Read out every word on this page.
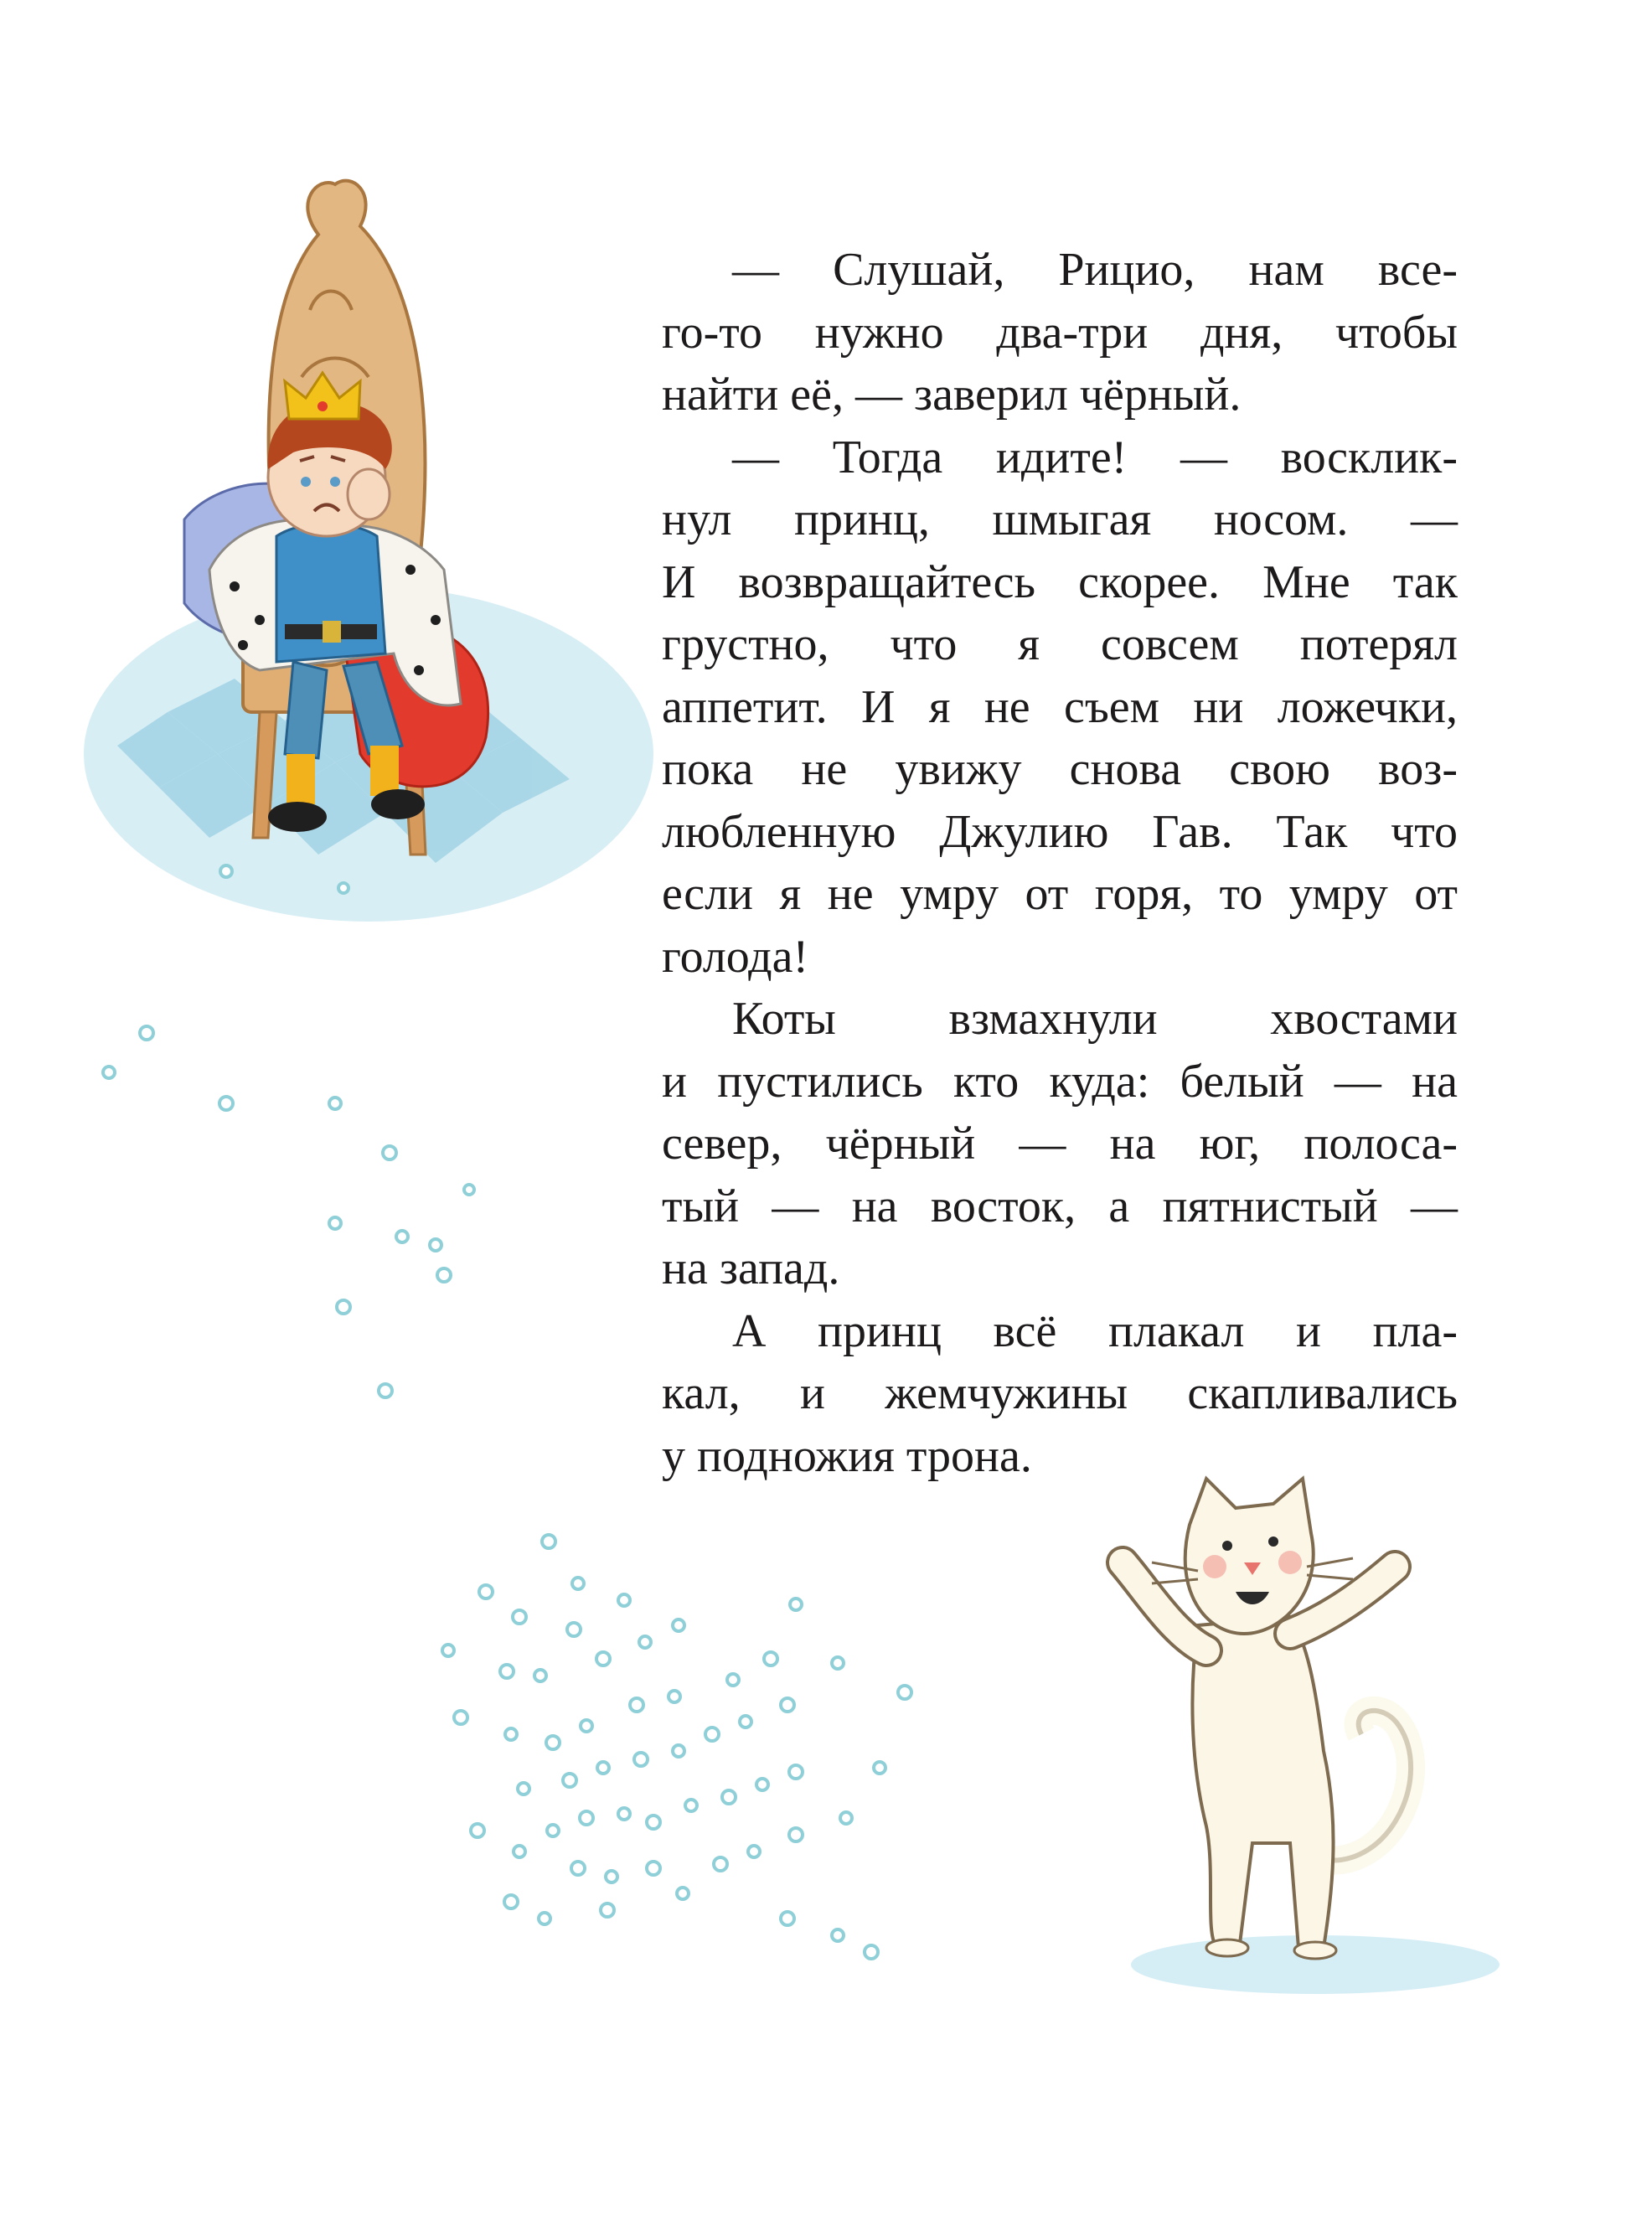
— Слушай, Рицио, нам все-
го-то нужно два-три дня, чтобы
найти её, — заверил чёрный.

— Тогда идите! — восклик-
нул принц, шмыгая носом. —
И возвращайтесь скорее. Мне так
грустно, что я совсем потерял
аппетит. И я не съем ни ложечки,
пока не увижу снова свою воз-
любленную Джулию Гав. Так что
если я не умру от горя, то умру от
голода!

Коты взмахнули хвостами
и пустились кто куда: белый — на
север, чёрный — на юг, полоса-
тый — на восток, а пятнистый —
на запад.

А принц всё плакал и пла-
кал, и жемчужины скапливались
у подножия трона.
